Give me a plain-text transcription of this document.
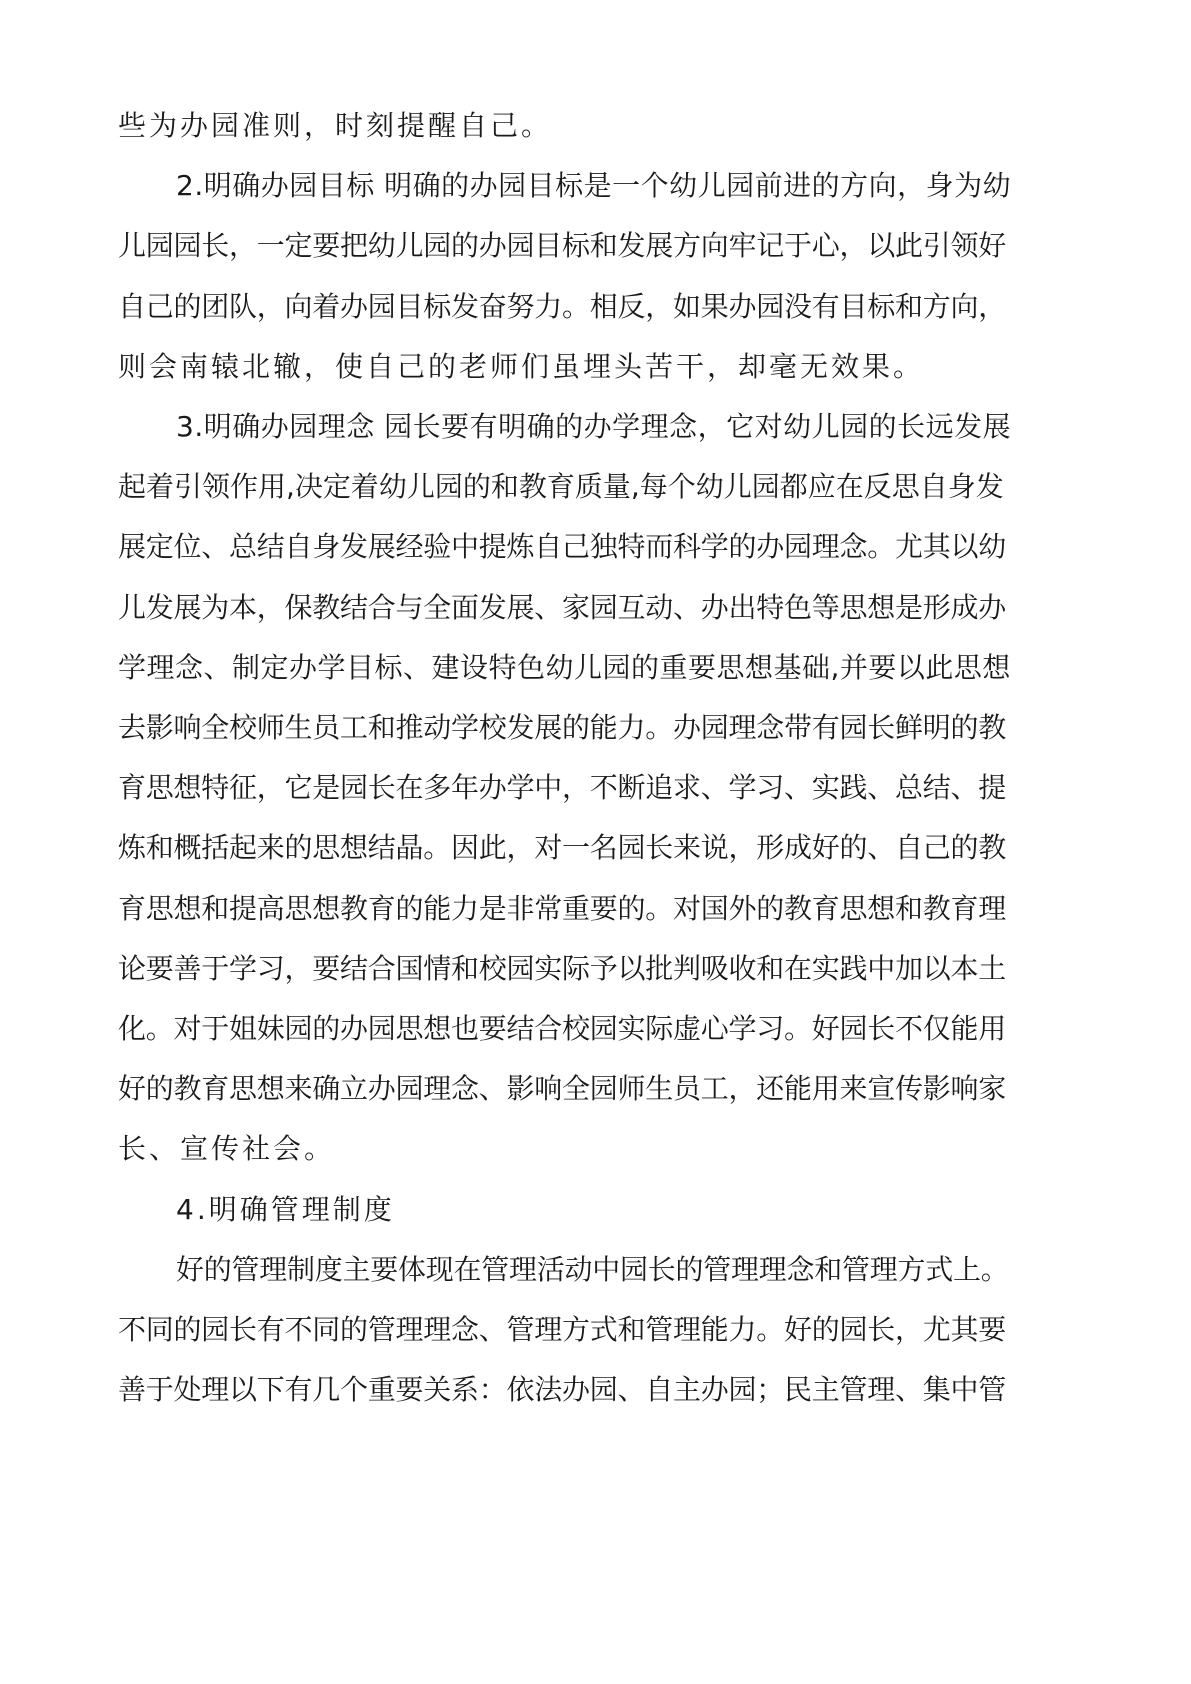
些为办园准则，时刻提醒自己。

2.明确办园目标 明确的办园目标是一个幼儿园前进的方向，身为幼

儿园园长，一定要把幼儿园的办园目标和发展方向牢记于心，以此引领好

自己的团队，向着办园目标发奋努力。相反，如果办园没有目标和方向，

则会南辕北辙，使自己的老师们虽埋头苦干，却毫无效果。

3.明确办园理念 园长要有明确的办学理念，它对幼儿园的长远发展

起着引领作用,决定着幼儿园的和教育质量,每个幼儿园都应在反思自身发

展定位、总结自身发展经验中提炼自己独特而科学的办园理念。尤其以幼

儿发展为本，保教结合与全面发展、家园互动、办出特色等思想是形成办

学理念、制定办学目标、建设特色幼儿园的重要思想基础,并要以此思想

去影响全校师生员工和推动学校发展的能力。办园理念带有园长鲜明的教

育思想特征，它是园长在多年办学中，不断追求、学习、实践、总结、提

炼和概括起来的思想结晶。因此，对一名园长来说，形成好的、自己的教

育思想和提高思想教育的能力是非常重要的。对国外的教育思想和教育理

论要善于学习，要结合国情和校园实际予以批判吸收和在实践中加以本土

化。对于姐妹园的办园思想也要结合校园实际虚心学习。好园长不仅能用

好的教育思想来确立办园理念、影响全园师生员工，还能用来宣传影响家

长、宣传社会。

4.明确管理制度

好的管理制度主要体现在管理活动中园长的管理理念和管理方式上。

不同的园长有不同的管理理念、管理方式和管理能力。好的园长，尤其要

善于处理以下有几个重要关系：依法办园、自主办园；民主管理、集中管
